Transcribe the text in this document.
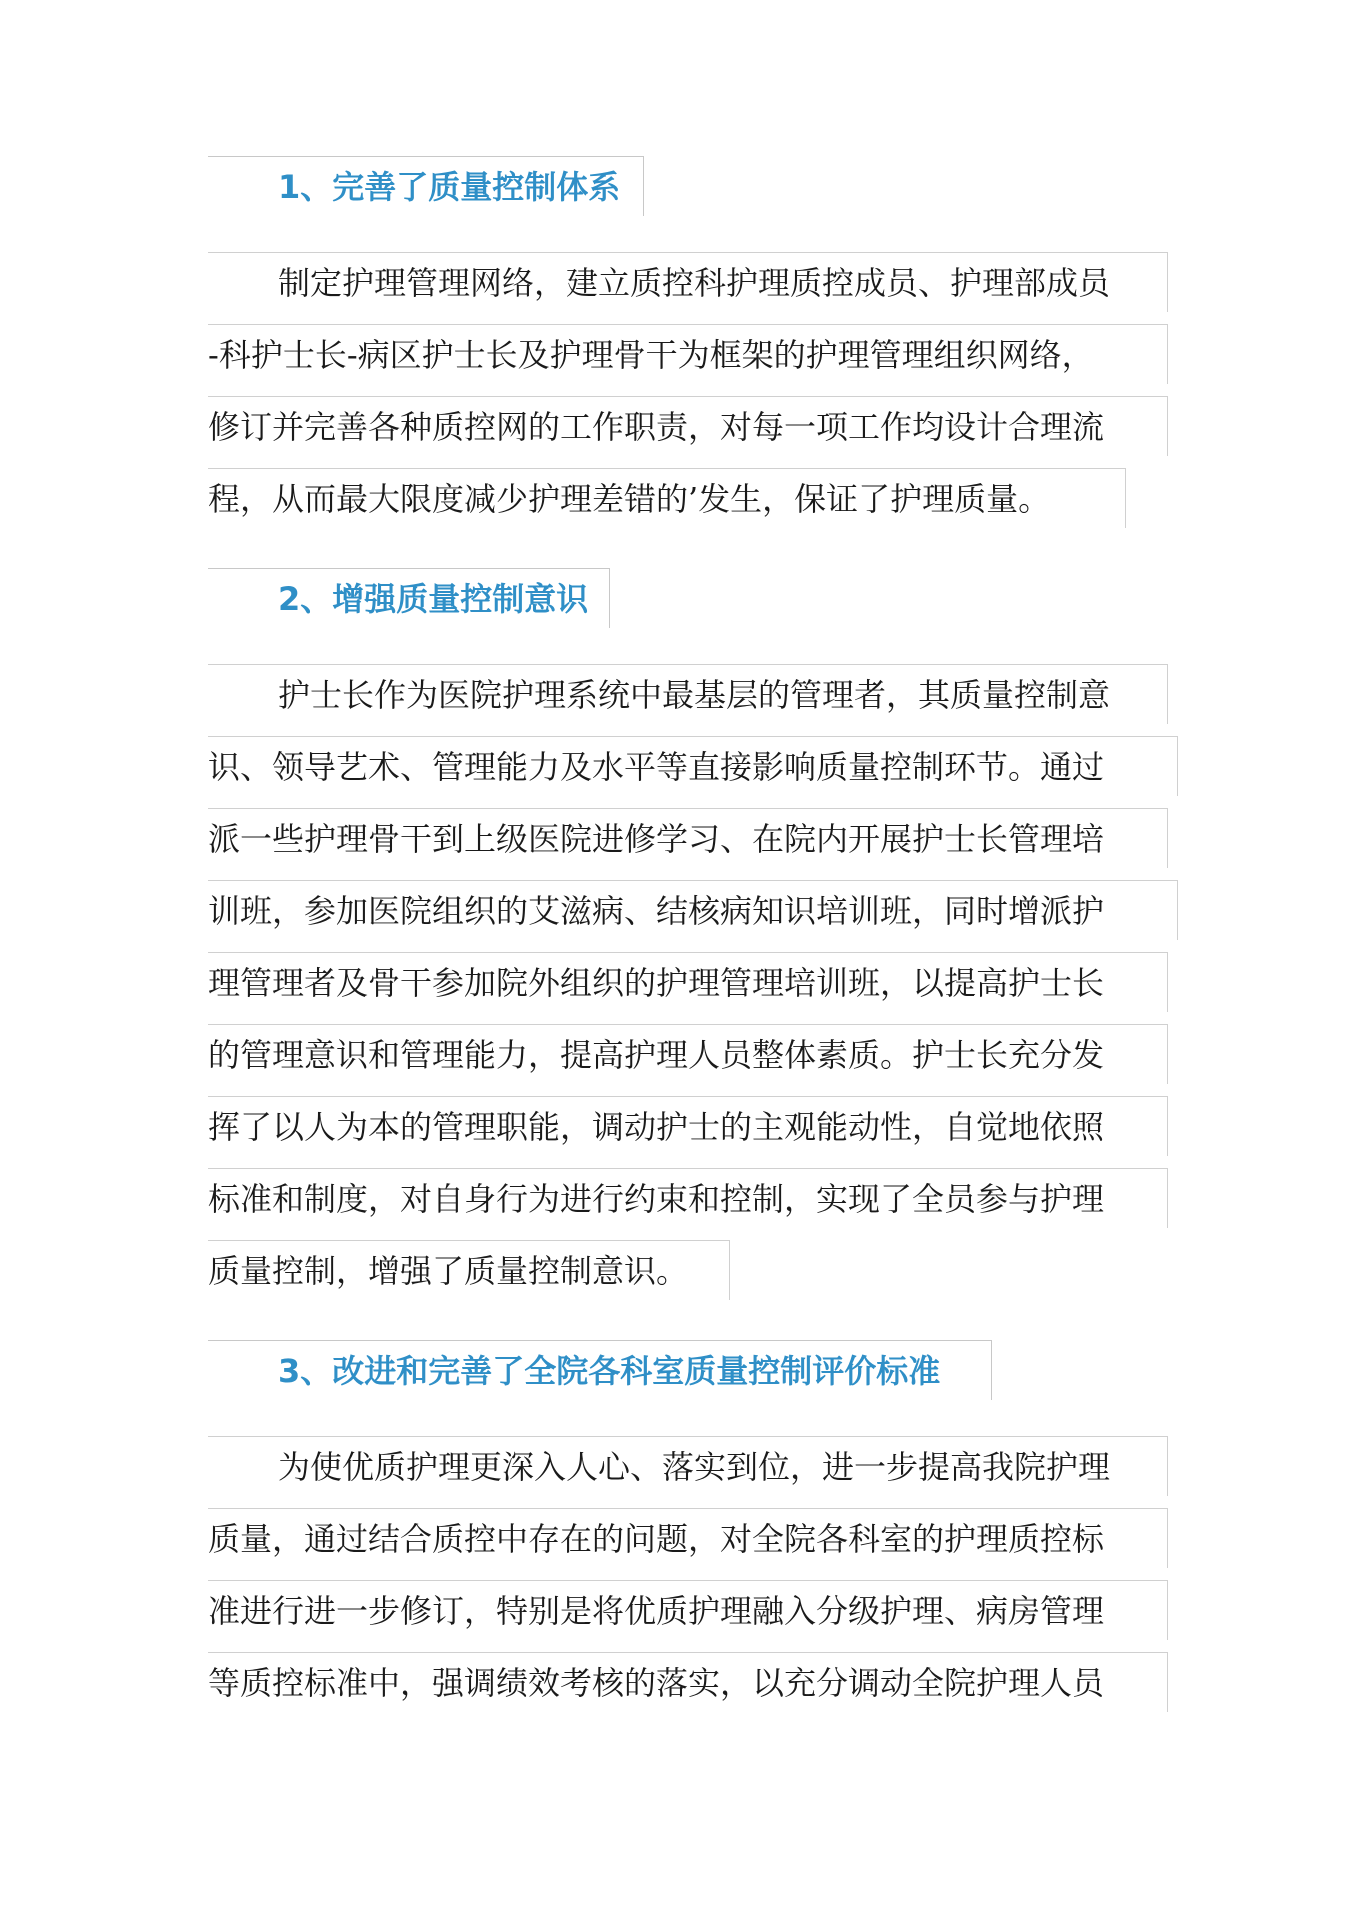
1、完善了质量控制体系
制定护理管理网络，建立质控科护理质控成员、护理部成员
-科护士长-病区护士长及护理骨干为框架的护理管理组织网络，
修订并完善各种质控网的工作职责，对每一项工作均设计合理流
程，从而最大限度减少护理差错的’发生，保证了护理质量。
2、增强质量控制意识
护士长作为医院护理系统中最基层的管理者，其质量控制意
识、领导艺术、管理能力及水平等直接影响质量控制环节。通过
派一些护理骨干到上级医院进修学习、在院内开展护士长管理培
训班，参加医院组织的艾滋病、结核病知识培训班，同时增派护
理管理者及骨干参加院外组织的护理管理培训班，以提高护士长
的管理意识和管理能力，提高护理人员整体素质。护士长充分发
挥了以人为本的管理职能，调动护士的主观能动性，自觉地依照
标准和制度，对自身行为进行约束和控制，实现了全员参与护理
质量控制，增强了质量控制意识。
3、改进和完善了全院各科室质量控制评价标准
为使优质护理更深入人心、落实到位，进一步提高我院护理
质量，通过结合质控中存在的问题，对全院各科室的护理质控标
准进行进一步修订，特别是将优质护理融入分级护理、病房管理
等质控标准中，强调绩效考核的落实，以充分调动全院护理人员
